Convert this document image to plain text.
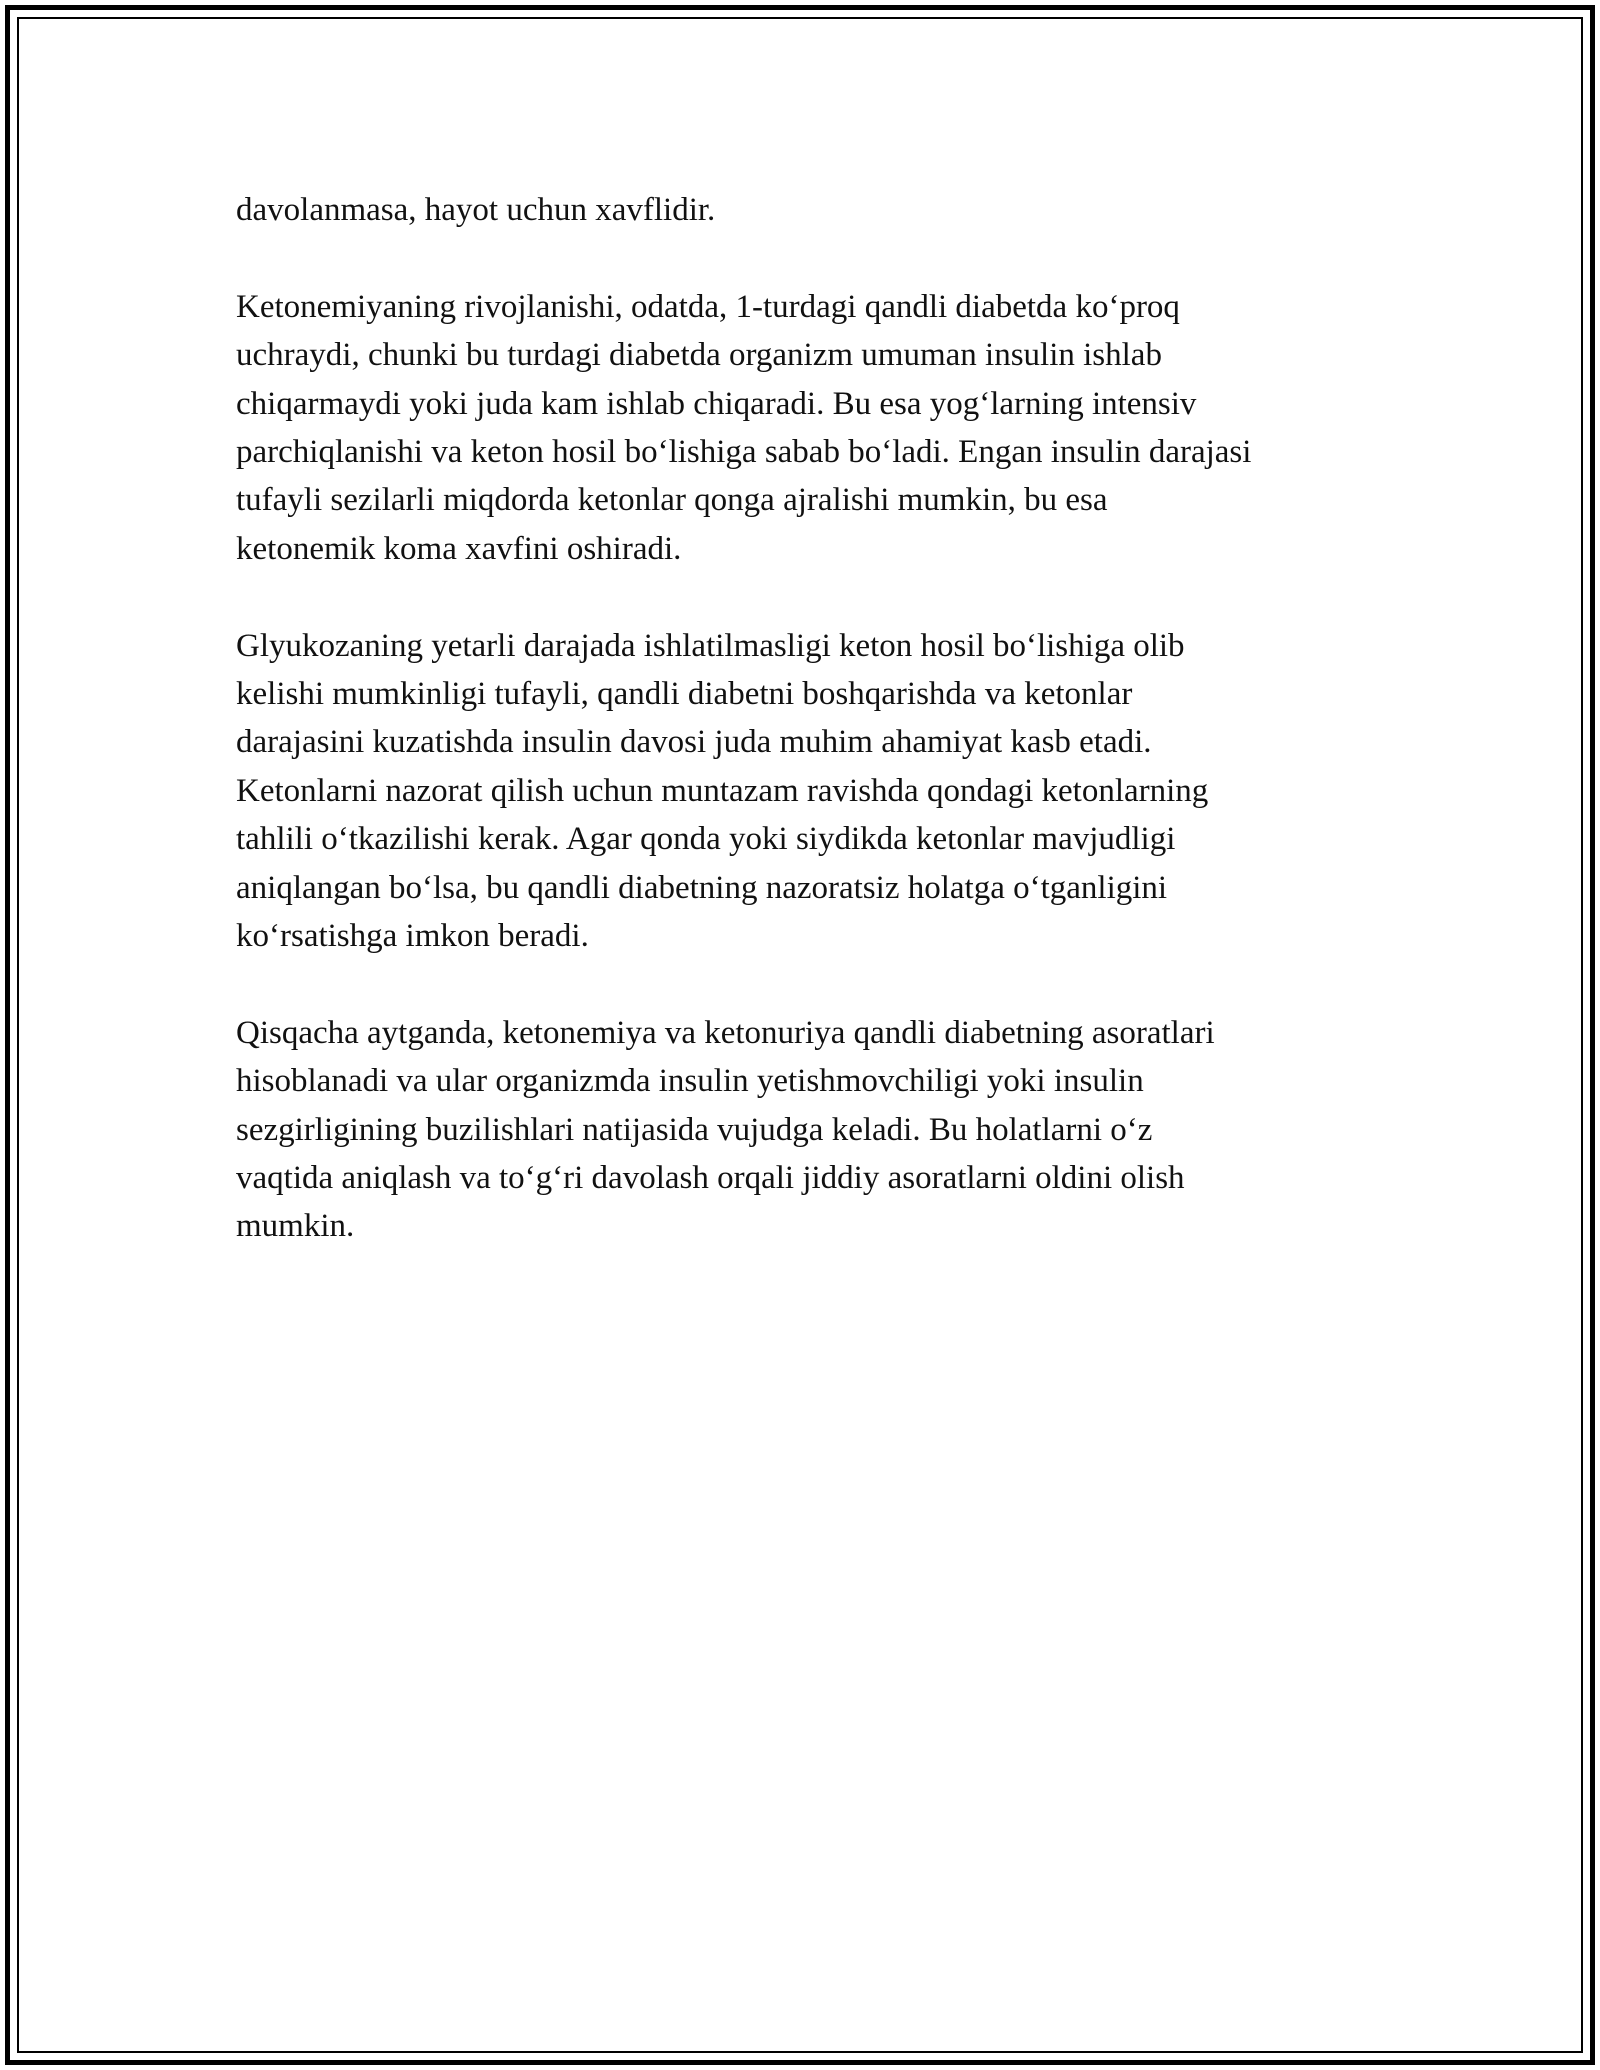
davolanmasa, hayot uchun xavflidir.

Ketonemiyaning rivojlanishi, odatda, 1-turdagi qandli diabetda ko‘proq
uchraydi, chunki bu turdagi diabetda organizm umuman insulin ishlab
chiqarmaydi yoki juda kam ishlab chiqaradi. Bu esa yog‘larning intensiv
parchiqlanishi va keton hosil bo‘lishiga sabab bo‘ladi. Engan insulin darajasi
tufayli sezilarli miqdorda ketonlar qonga ajralishi mumkin, bu esa
ketonemik koma xavfini oshiradi.

Glyukozaning yetarli darajada ishlatilmasligi keton hosil bo‘lishiga olib
kelishi mumkinligi tufayli, qandli diabetni boshqarishda va ketonlar
darajasini kuzatishda insulin davosi juda muhim ahamiyat kasb etadi.
Ketonlarni nazorat qilish uchun muntazam ravishda qondagi ketonlarning
tahlili o‘tkazilishi kerak. Agar qonda yoki siydikda ketonlar mavjudligi
aniqlangan bo‘lsa, bu qandli diabetning nazoratsiz holatga o‘tganligini
ko‘rsatishga imkon beradi.

Qisqacha aytganda, ketonemiya va ketonuriya qandli diabetning asoratlari
hisoblanadi va ular organizmda insulin yetishmovchiligi yoki insulin
sezgirligining buzilishlari natijasida vujudga keladi. Bu holatlarni o‘z
vaqtida aniqlash va to‘g‘ri davolash orqali jiddiy asoratlarni oldini olish
mumkin.
